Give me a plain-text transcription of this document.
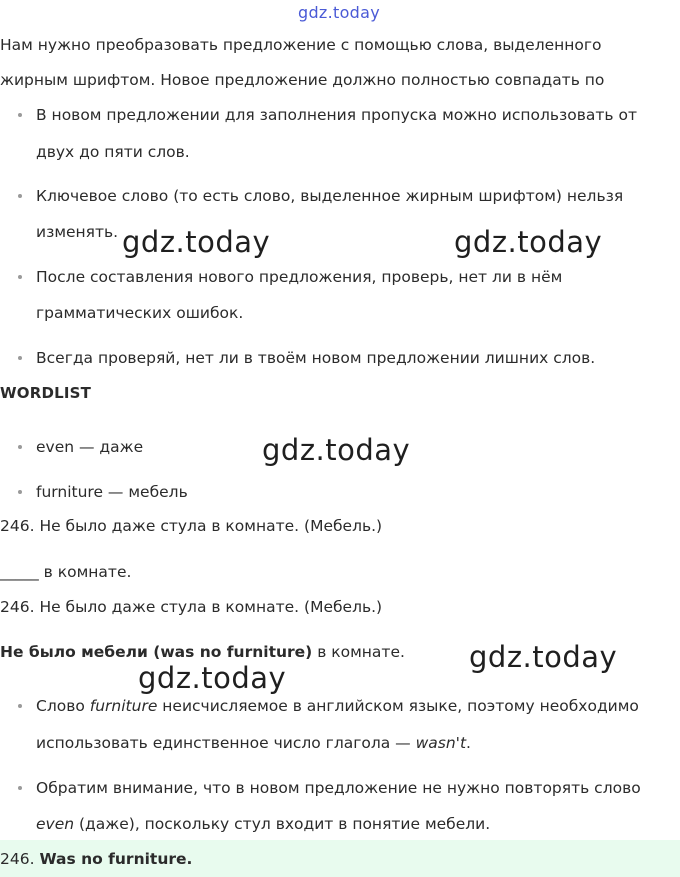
gdz.today
Нам нужно преобразовать предложение с помощью слова, выделенного
жирным шрифтом. Новое предложение должно полностью совпадать по
В новом предложении для заполнения пропуска можно использовать от
двух до пяти слов.
Ключевое слово (то есть слово, выделенное жирным шрифтом) нельзя
изменять.
После составления нового предложения, проверь, нет ли в нём
грамматических ошибок.
Всегда проверяй, нет ли в твоём новом предложении лишних слов.
WORDLIST
even — даже
furniture — мебель
246. Не было даже стула в комнате. (Мебель.)
_____ в комнате.
246. Не было даже стула в комнате. (Мебель.)
Не было мебели (was no furniture) в комнате.
Слово furniture неисчисляемое в английском языке, поэтому необходимо
использовать единственное число глагола — wasn't.
Обратим внимание, что в новом предложение не нужно повторять слово
even (даже), поскольку стул входит в понятие мебели.
246. Was no furniture.
gdz.today	gdz.today
gdz.today
gdz.today
gdz.today
